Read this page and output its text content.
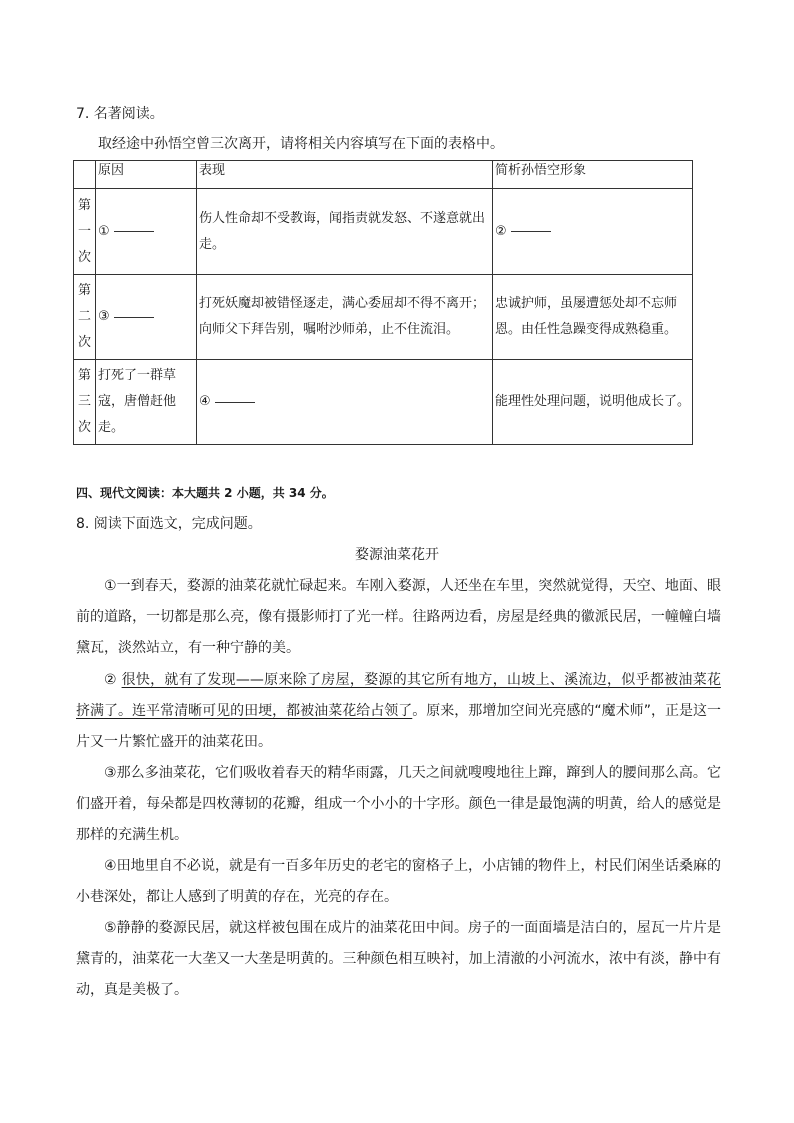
7. 名著阅读。
取经途中孙悟空曾三次离开，请将相关内容填写在下面的表格中。
	原因	表现	简析孙悟空形象
第一次	①	伤人性命却不受教诲，闻指责就发怒、不遂意就出走。	②
第二次	③	打死妖魔却被错怪逐走，满心委屈却不得不离开；向师父下拜告别，嘱咐沙师弟，止不住流泪。	忠诚护师，虽屡遭惩处却不忘师恩。由任性急躁变得成熟稳重。
第三次	打死了一群草寇，唐僧赶他走。	④	能理性处理问题，说明他成长了。
四、现代文阅读：本大题共 2 小题，共 34 分。
8. 阅读下面选文，完成问题。
婺源油菜花开
①一到春天，婺源的油菜花就忙碌起来。车刚入婺源，人还坐在车里，突然就觉得，天空、地面、眼前的道路，一切都是那么亮，像有摄影师打了光一样。往路两边看，房屋是经典的徽派民居，一幢幢白墙黛瓦，淡然站立，有一种宁静的美。
② 很快，就有了发现——原来除了房屋，婺源的其它所有地方，山坡上、溪流边，似乎都被油菜花挤满了。连平常清晰可见的田埂，都被油菜花给占领了。原来，那增加空间光亮感的“魔术师”，正是这一片又一片繁忙盛开的油菜花田。
③那么多油菜花，它们吸收着春天的精华雨露，几天之间就嗖嗖地往上蹿，蹿到人的腰间那么高。它们盛开着，每朵都是四枚薄韧的花瓣，组成一个小小的十字形。颜色一律是最饱满的明黄，给人的感觉是那样的充满生机。
④田地里自不必说，就是有一百多年历史的老宅的窗格子上，小店铺的物件上，村民们闲坐话桑麻的小巷深处，都让人感到了明黄的存在，光亮的存在。
⑤静静的婺源民居，就这样被包围在成片的油菜花田中间。房子的一面面墙是洁白的，屋瓦一片片是黛青的，油菜花一大垄又一大垄是明黄的。三种颜色相互映衬，加上清澈的小河流水，浓中有淡，静中有动，真是美极了。
